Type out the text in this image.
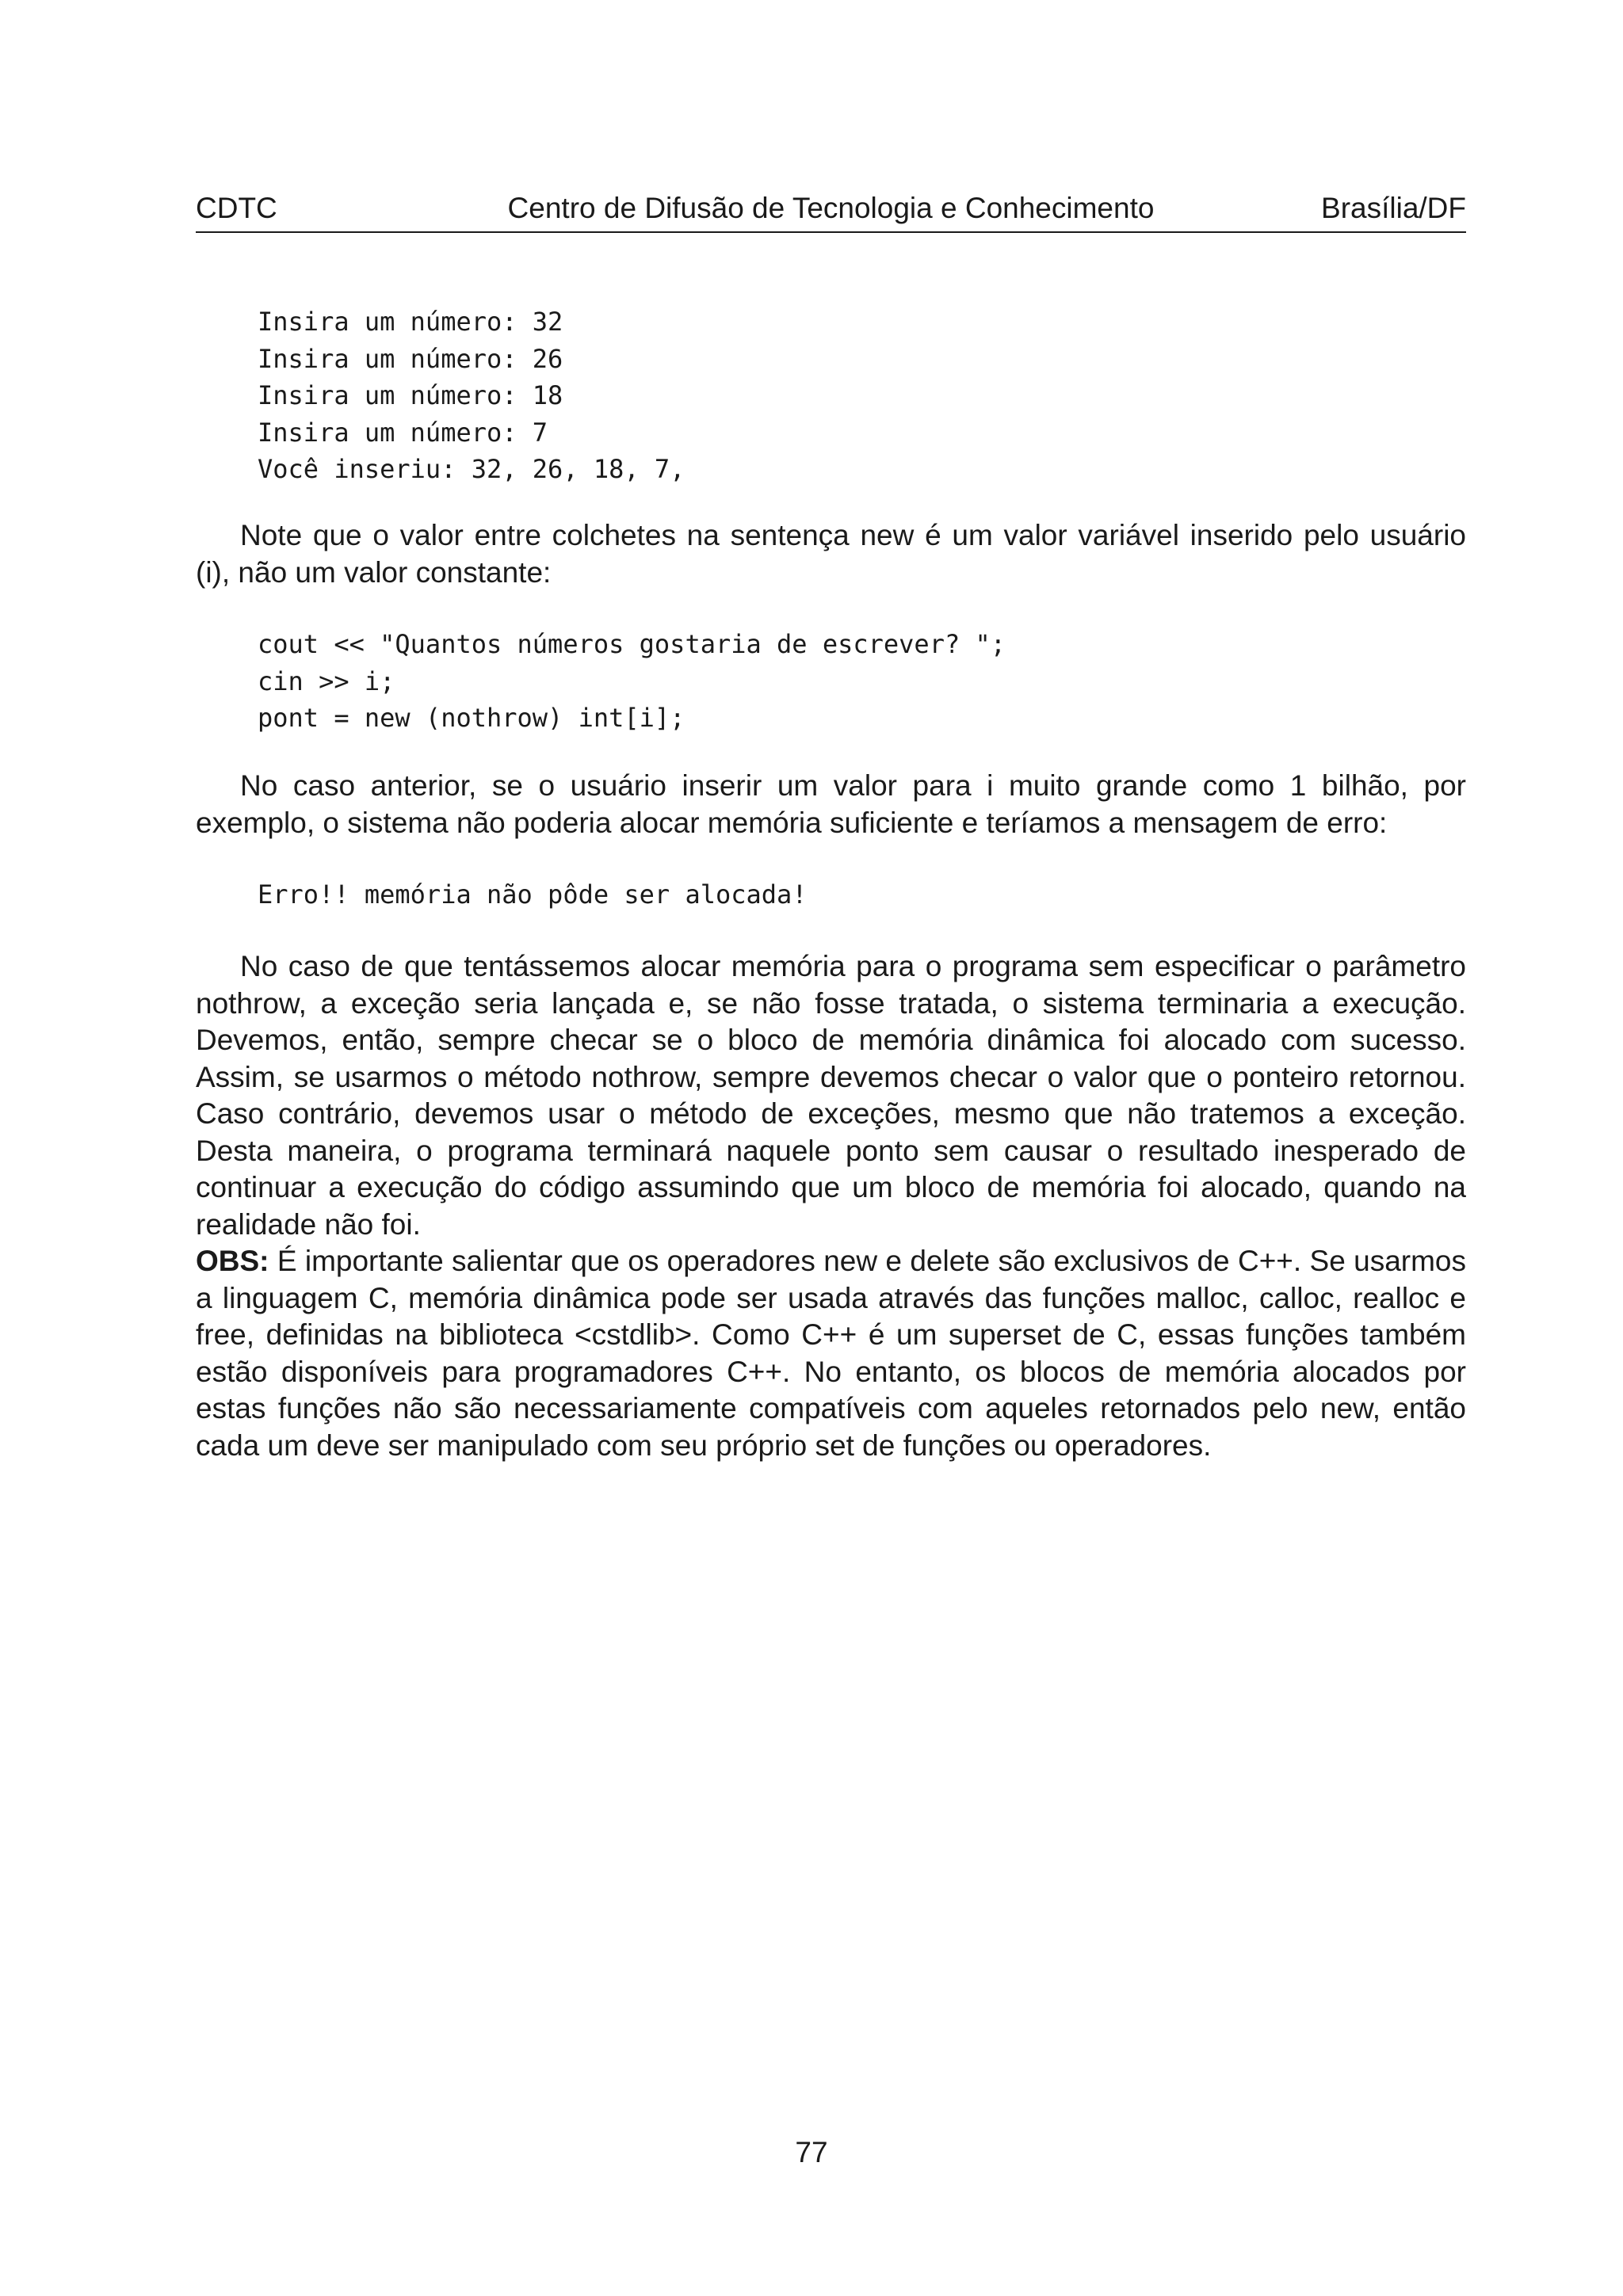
CDTC	Centro de Difusão de Tecnologia e Conhecimento	Brasília/DF
Insira um número: 32
Insira um número: 26
Insira um número: 18
Insira um número: 7
Você inseriu: 32, 26, 18, 7,

Note que o valor entre colchetes na sentença new é um valor variável inserido pelo usuário (i), não um valor constante:

cout << "Quantos números gostaria de escrever? ";
cin >> i;
pont = new (nothrow) int[i];

No caso anterior, se o usuário inserir um valor para i muito grande como 1 bilhão, por exemplo, o sistema não poderia alocar memória suficiente e teríamos a mensagem de erro:

Erro!! memória não pôde ser alocada!

No caso de que tentássemos alocar memória para o programa sem especificar o parâmetro nothrow, a exceção seria lançada e, se não fosse tratada, o sistema terminaria a execução. Devemos, então, sempre checar se o bloco de memória dinâmica foi alocado com sucesso. Assim, se usarmos o método nothrow, sempre devemos checar o valor que o ponteiro retornou. Caso contrário, devemos usar o método de exceções, mesmo que não tratemos a exceção. Desta maneira, o programa terminará naquele ponto sem causar o resultado inesperado de continuar a execução do código assumindo que um bloco de memória foi alocado, quando na realidade não foi.

OBS: É importante salientar que os operadores new e delete são exclusivos de C++. Se usarmos a linguagem C, memória dinâmica pode ser usada através das funções malloc, calloc, realloc e free, definidas na biblioteca <cstdlib>. Como C++ é um superset de C, essas funções também estão disponíveis para programadores C++. No entanto, os blocos de memória alocados por estas funções não são necessariamente compatíveis com aqueles retornados pelo new, então cada um deve ser manipulado com seu próprio set de funções ou operadores.

77
